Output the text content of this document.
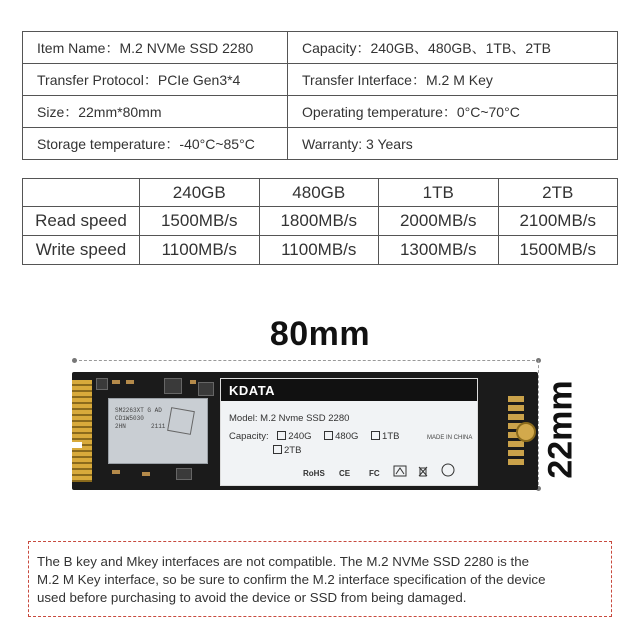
Item Name：M.2 NVMe SSD 2280	Capacity：240GB、480GB、1TB、2TB
Transfer Protocol：PCIe Gen3*4	Transfer Interface：M.2 M Key
Size：22mm*80mm	Operating temperature：0°C~70°C
Storage temperature：-40°C~85°C	Warranty: 3 Years
	240GB	480GB	1TB	2TB
Read speed	1500MB/s	1800MB/s	2000MB/s	2100MB/s
Write speed	1100MB/s	1100MB/s	1300MB/s	1500MB/s
80mm
22mm
SM2263XT G AD
CD1W5030
2HN       2111
KDATA
Model: M.2 Nvme SSD 2280
Capacity: 240G 480G 1TB
2TB
MADE IN CHINA
RoHS CE FC

The B key and Mkey interfaces are not compatible. The M.2 NVMe SSD 2280 is the
M.2 M Key interface, so be sure to confirm the M.2 interface specification of the device
used before purchasing to avoid the device or SSD from being damaged.
